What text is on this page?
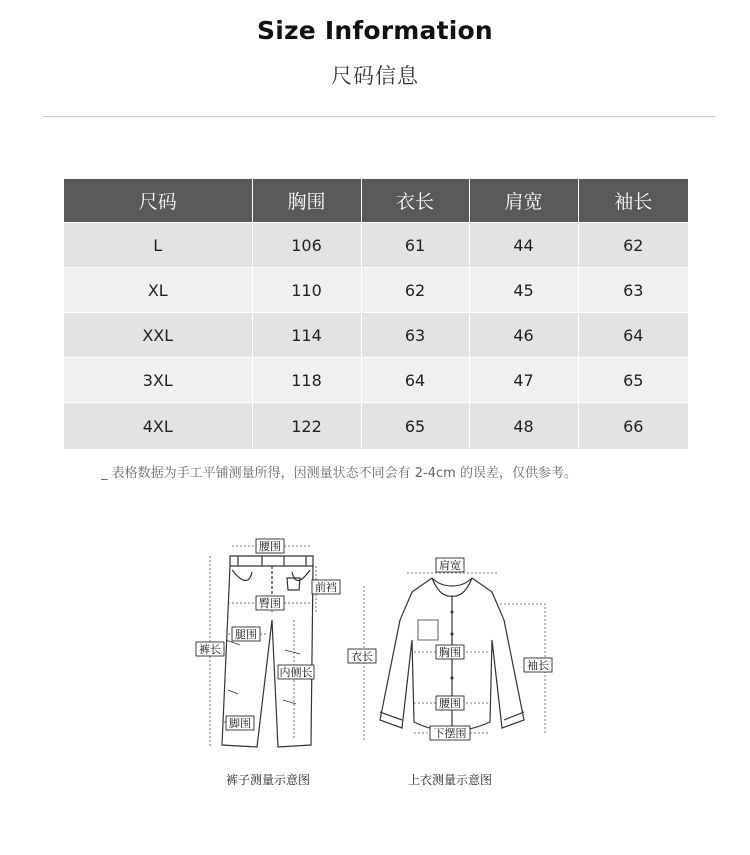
Size Information
尺码信息
尺码	胸围	衣长	肩宽	袖长
L	106	61	44	62
XL	110	62	45	63
XXL	114	63	46	64
3XL	118	64	47	65
4XL	122	65	48	66
_ 表格数据为手工平铺测量所得，因测量状态不同会有 2-4cm 的误差，仅供参考。
腰围
前裆
臀围
腿围
裤长
内侧长
脚围
肩宽
衣长	胸围
袖长
腰围
下摆围
裤子测量示意图	上衣测量示意图
